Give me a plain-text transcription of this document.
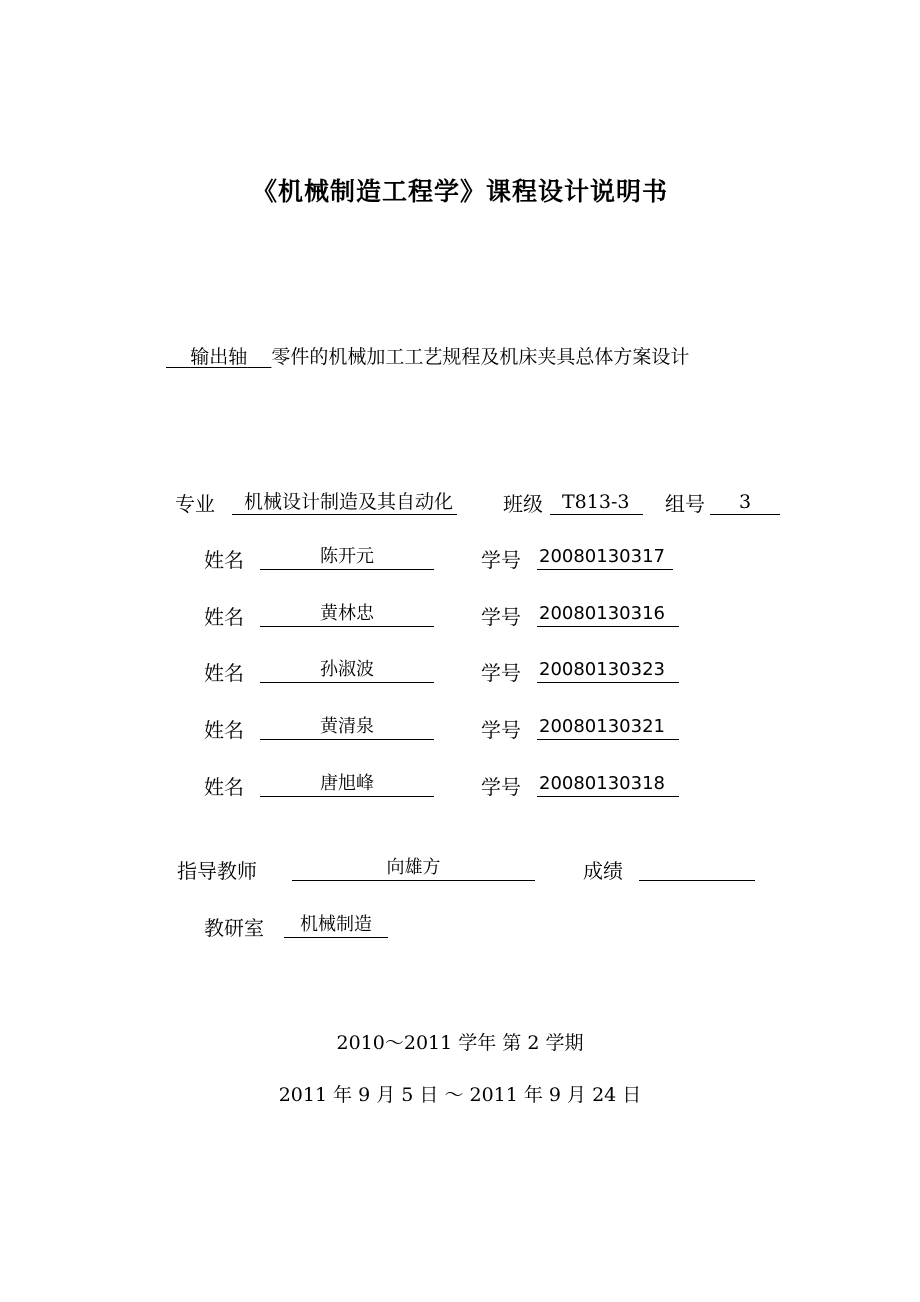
《机械制造工程学》课程设计说明书
  输出轴   零件的机械加工工艺规程及机床夹具总体方案设计
专业	机械设计制造及其自动化 班级	T813-3	组号	3
姓名	陈开元	学号 20080130317
姓名	黄林忠	学号 20080130316
姓名	孙淑波	学号 20080130323
姓名	黄清泉	学号 20080130321
姓名	唐旭峰	学号 20080130318
指导教师	向雄方	成绩
教研室	机械制造
2010～2011 学年 第 2 学期
2011 年 9 月 5 日 ～ 2011 年 9 月 24 日
